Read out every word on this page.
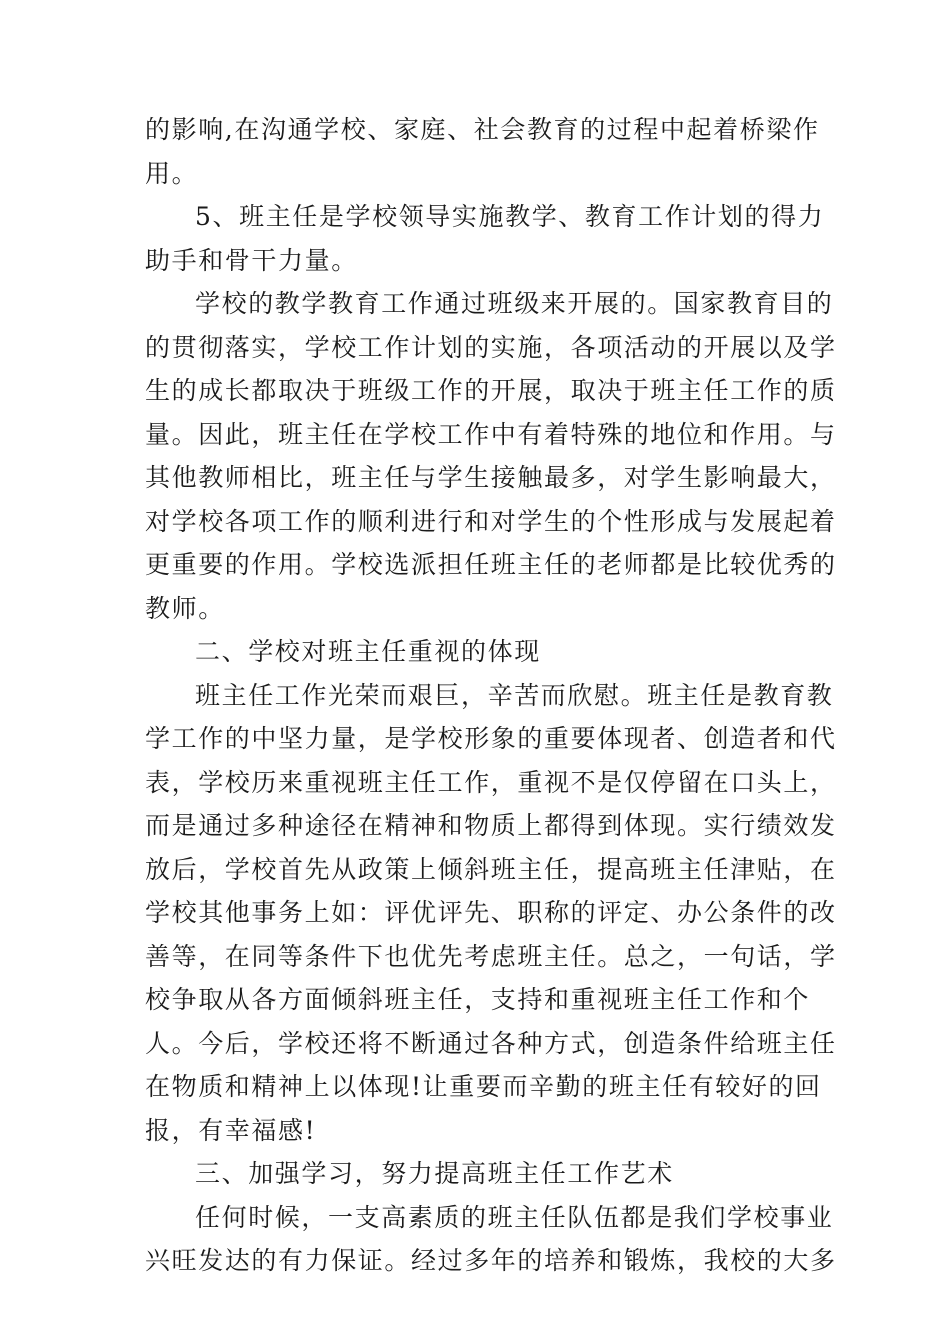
的影响,在沟通学校、家庭、社会教育的过程中起着桥梁作
用。
5、班主任是学校领导实施教学、教育工作计划的得力
助手和骨干力量。
学校的教学教育工作通过班级来开展的。国家教育目的
的贯彻落实，学校工作计划的实施，各项活动的开展以及学
生的成长都取决于班级工作的开展，取决于班主任工作的质
量。因此，班主任在学校工作中有着特殊的地位和作用。与
其他教师相比，班主任与学生接触最多，对学生影响最大，
对学校各项工作的顺利进行和对学生的个性形成与发展起着
更重要的作用。学校选派担任班主任的老师都是比较优秀的
教师。
二、学校对班主任重视的体现
班主任工作光荣而艰巨，辛苦而欣慰。班主任是教育教
学工作的中坚力量，是学校形象的重要体现者、创造者和代
表，学校历来重视班主任工作，重视不是仅停留在口头上，
而是通过多种途径在精神和物质上都得到体现。实行绩效发
放后，学校首先从政策上倾斜班主任，提高班主任津贴，在
学校其他事务上如：评优评先、职称的评定、办公条件的改
善等，在同等条件下也优先考虑班主任。总之，一句话，学
校争取从各方面倾斜班主任，支持和重视班主任工作和个
人。今后，学校还将不断通过各种方式，创造条件给班主任
在物质和精神上以体现!让重要而辛勤的班主任有较好的回
报，有幸福感!
三、加强学习，努力提高班主任工作艺术
任何时候，一支高素质的班主任队伍都是我们学校事业
兴旺发达的有力保证。经过多年的培养和锻炼，我校的大多
